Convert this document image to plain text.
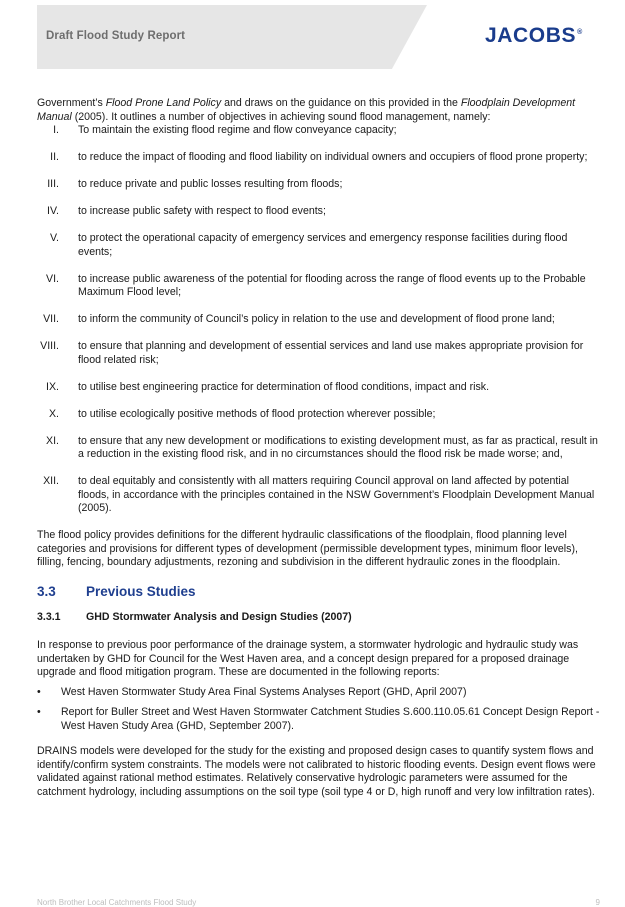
Draft Flood Study Report	JACOBS®

Government’s Flood Prone Land Policy and draws on the guidance on this provided in the Floodplain Development Manual (2005). It outlines a number of objectives in achieving sound flood management, namely:

I. To maintain the existing flood regime and flow conveyance capacity;
II. to reduce the impact of flooding and flood liability on individual owners and occupiers of flood prone property;
III. to reduce private and public losses resulting from floods;
IV. to increase public safety with respect to flood events;
V. to protect the operational capacity of emergency services and emergency response facilities during flood events;
VI. to increase public awareness of the potential for flooding across the range of flood events up to the Probable Maximum Flood level;
VII. to inform the community of Council’s policy in relation to the use and development of flood prone land;
VIII. to ensure that planning and development of essential services and land use makes appropriate provision for flood related risk;
IX. to utilise best engineering practice for determination of flood conditions, impact and risk.
X. to utilise ecologically positive methods of flood protection wherever possible;
XI. to ensure that any new development or modifications to existing development must, as far as practical, result in a reduction in the existing flood risk, and in no circumstances should the flood risk be made worse; and,
XII. to deal equitably and consistently with all matters requiring Council approval on land affected by potential floods, in accordance with the principles contained in the NSW Government’s Floodplain Development Manual (2005).

The flood policy provides definitions for the different hydraulic classifications of the floodplain, flood planning level categories and provisions for different types of development (permissible development types, minimum floor levels), filling, fencing, boundary adjustments, rezoning and subdivision in the different hydraulic zones in the floodplain.

3.3	Previous Studies
3.3.1	GHD Stormwater Analysis and Design Studies (2007)

In response to previous poor performance of the drainage system, a stormwater hydrologic and hydraulic study was undertaken by GHD for Council for the West Haven area, and a concept design prepared for a proposed drainage upgrade and flood mitigation program. These are documented in the following reports:

•	West Haven Stormwater Study Area Final Systems Analyses Report (GHD, April 2007)
•	Report for Buller Street and West Haven Stormwater Catchment Studies S.600.110.05.61 Concept Design Report - West Haven Study Area (GHD, September 2007).

DRAINS models were developed for the study for the existing and proposed design cases to quantify system flows and identify/confirm system constraints. The models were not calibrated to historic flooding events. Design event flows were validated against rational method estimates. Relatively conservative hydrologic parameters were assumed for the catchment hydrology, including assumptions on the soil type (soil type 4 or D, high runoff and very low infiltration rates).

North Brother Local Catchments Flood Study	9
